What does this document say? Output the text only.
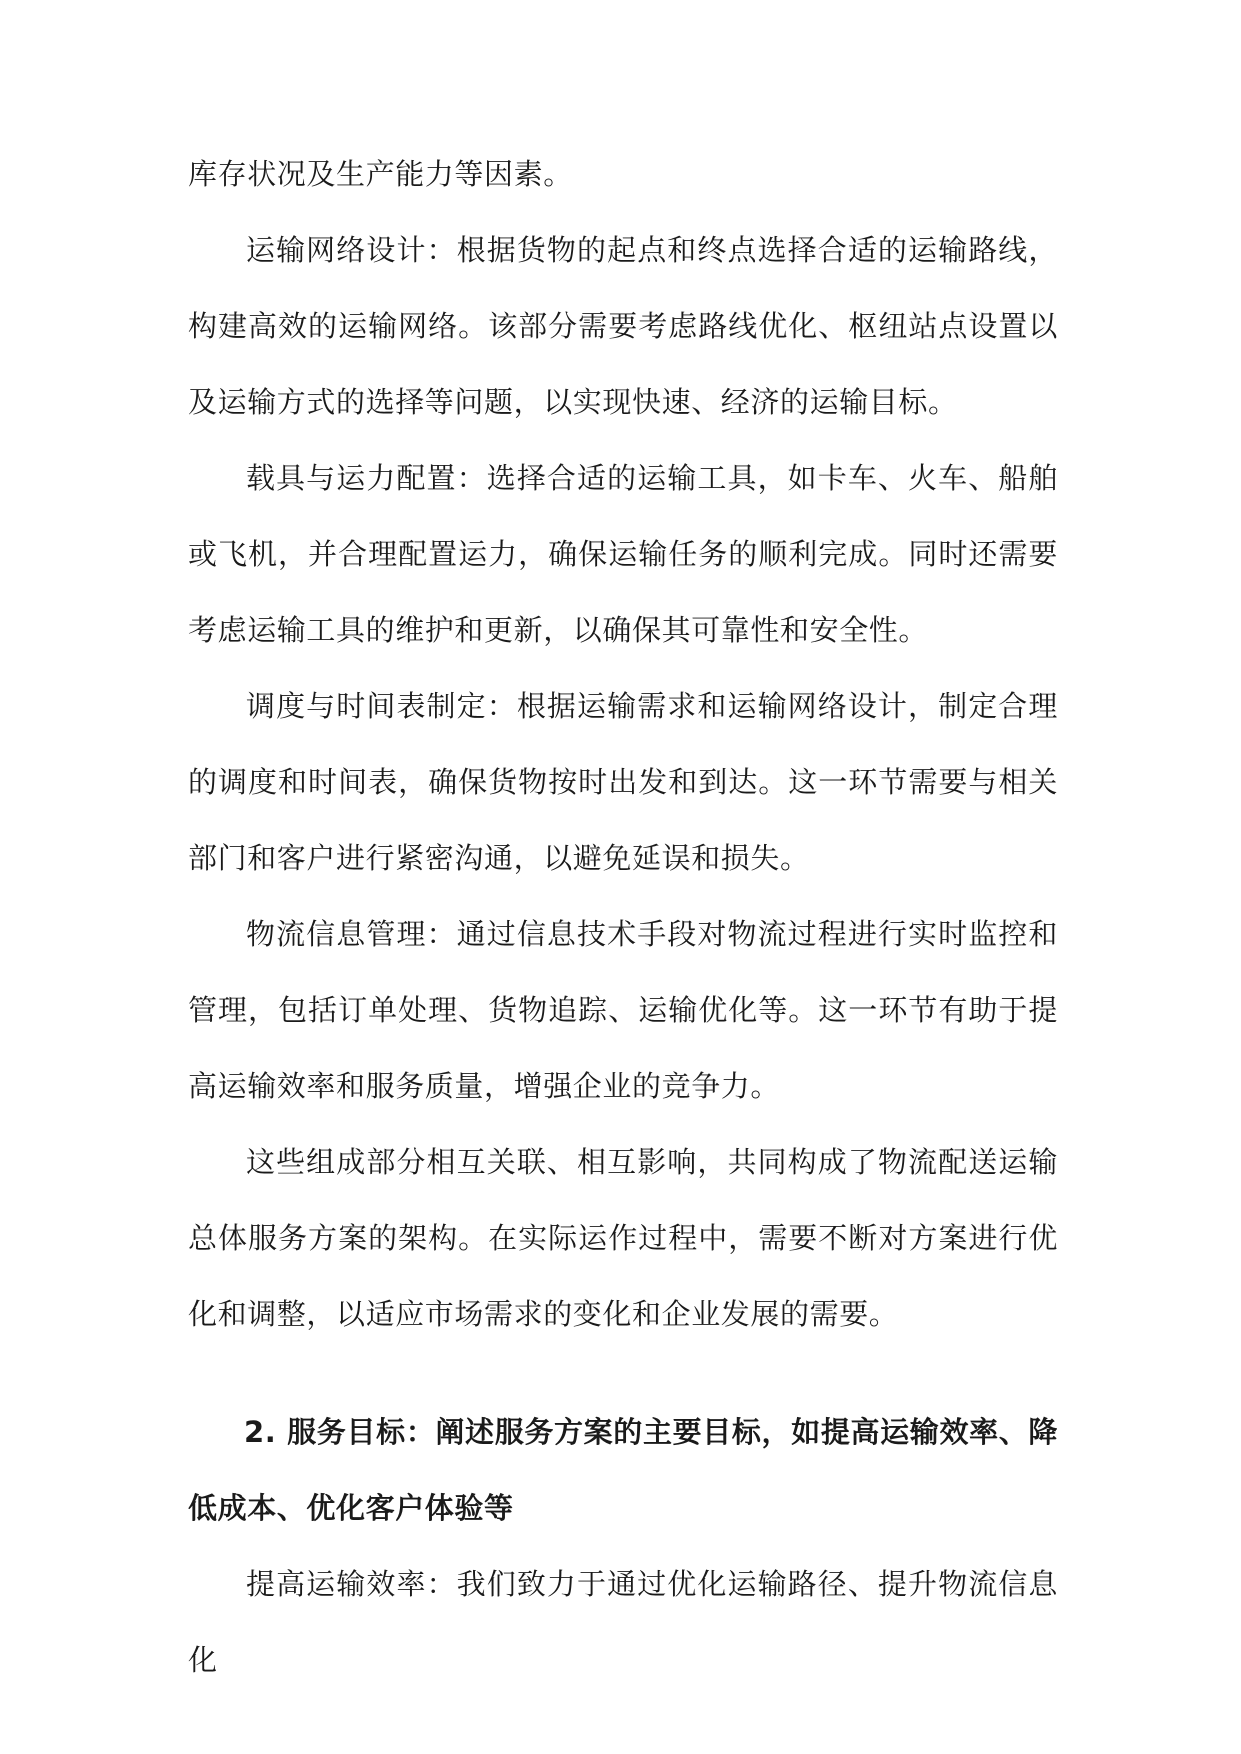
库存状况及生产能力等因素。

运输网络设计：根据货物的起点和终点选择合适的运输路线，构建高效的运输网络。该部分需要考虑路线优化、枢纽站点设置以及运输方式的选择等问题，以实现快速、经济的运输目标。

载具与运力配置：选择合适的运输工具，如卡车、火车、船舶或飞机，并合理配置运力，确保运输任务的顺利完成。同时还需要考虑运输工具的维护和更新，以确保其可靠性和安全性。

调度与时间表制定：根据运输需求和运输网络设计，制定合理的调度和时间表，确保货物按时出发和到达。这一环节需要与相关部门和客户进行紧密沟通，以避免延误和损失。

物流信息管理：通过信息技术手段对物流过程进行实时监控和管理，包括订单处理、货物追踪、运输优化等。这一环节有助于提高运输效率和服务质量，增强企业的竞争力。

这些组成部分相互关联、相互影响，共同构成了物流配送运输总体服务方案的架构。在实际运作过程中，需要不断对方案进行优化和调整，以适应市场需求的变化和企业发展的需要。

2. 服务目标：阐述服务方案的主要目标，如提高运输效率、降低成本、优化客户体验等

提高运输效率：我们致力于通过优化运输路径、提升物流信息化
